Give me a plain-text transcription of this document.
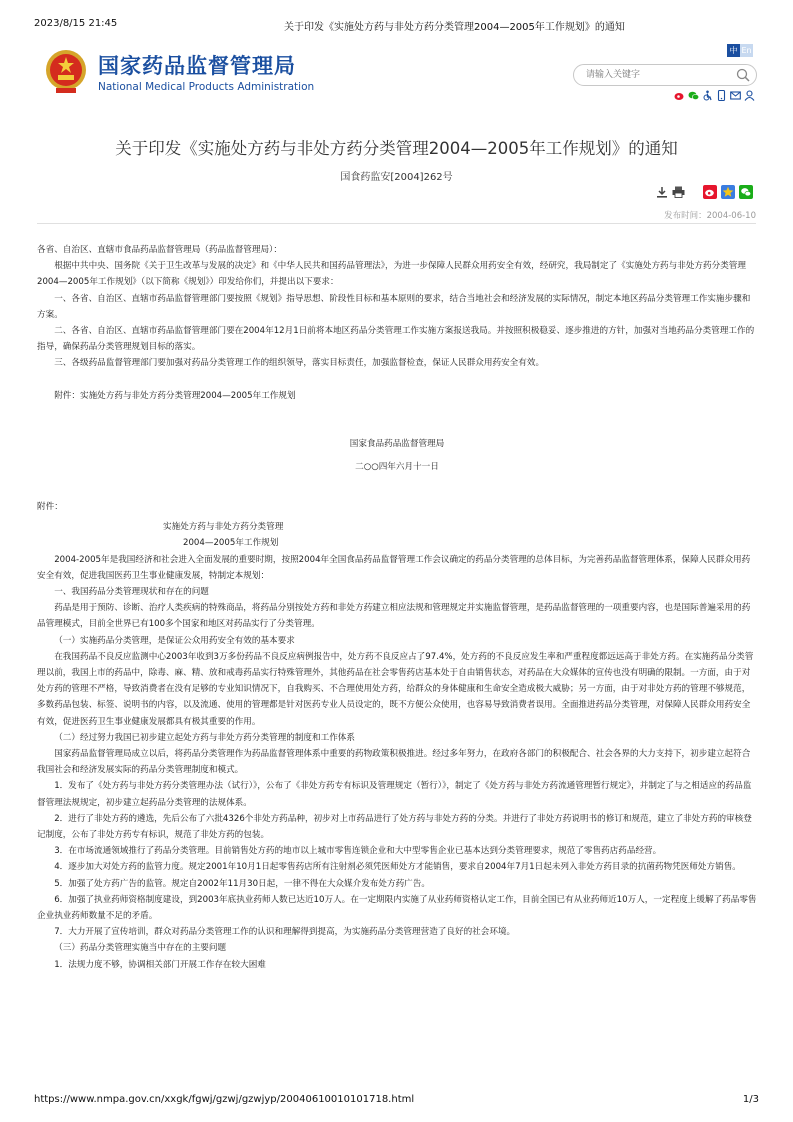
2023/8/15 21:45	关于印发《实施处方药与非处方药分类管理2004—2005年工作规划》的通知
国家药品监督管理局
National Medical Products Administration
中 En
请输入关键字
关于印发《实施处方药与非处方药分类管理2004—2005年工作规划》的通知
国食药监安[2004]262号
发布时间：2004-06-10

各省、自治区、直辖市食品药品监督管理局（药品监督管理局）：

根据中共中央、国务院《关于卫生改革与发展的决定》和《中华人民共和国药品管理法》，为进一步保障人民群众用药安全有效，经研究，我局制定了《实施处方药与非处方药分类管理2004—2005年工作规划》（以下简称《规划》）印发给你们，并提出以下要求：

一、各省、自治区、直辖市药品监督管理部门要按照《规划》指导思想、阶段性目标和基本原则的要求，结合当地社会和经济发展的实际情况，制定本地区药品分类管理工作实施步骤和方案。

二、各省、自治区、直辖市药品监督管理部门要在2004年12月1日前将本地区药品分类管理工作实施方案报送我局。并按照积极稳妥、逐步推进的方针，加强对当地药品分类管理工作的指导，确保药品分类管理规划目标的落实。

三、各级药品监督管理部门要加强对药品分类管理工作的组织领导，落实目标责任，加强监督检查，保证人民群众用药安全有效。

附件：实施处方药与非处方药分类管理2004—2005年工作规划

国家食品药品监督管理局

二○○四年六月十一日

附件：

实施处方药与非处方药分类管理

2004—2005年工作规划

2004-2005年是我国经济和社会进入全面发展的重要时期，按照2004年全国食品药品监督管理工作会议确定的药品分类管理的总体目标，为完善药品监督管理体系，保障人民群众用药安全有效，促进我国医药卫生事业健康发展，特制定本规划：

一、我国药品分类管理现状和存在的问题

药品是用于预防、诊断、治疗人类疾病的特殊商品，将药品分别按处方药和非处方药建立相应法规和管理规定并实施监督管理，是药品监督管理的一项重要内容，也是国际普遍采用的药品管理模式，目前全世界已有100多个国家和地区对药品实行了分类管理。

（一）实施药品分类管理，是保证公众用药安全有效的基本要求

在我国药品不良反应监测中心2003年收到3万多份药品不良反应病例报告中，处方药不良反应占了97.4%，处方药的不良反应发生率和严重程度都远远高于非处方药。在实施药品分类管理以前，我国上市的药品中，除毒、麻、精、放和戒毒药品实行特殊管理外，其他药品在社会零售药店基本处于自由销售状态，对药品在大众媒体的宣传也没有明确的限制。一方面，由于对处方药的管理不严格，导致消费者在没有足够的专业知识情况下，自我购买、不合理使用处方药，给群众的身体健康和生命安全造成极大威胁；另一方面，由于对非处方药的管理不够规范，多数药品包装、标签、说明书的内容，以及流通、使用的管理都是针对医药专业人员设定的，既不方便公众使用，也容易导致消费者误用。全面推进药品分类管理，对保障人民群众用药安全有效，促进医药卫生事业健康发展都具有极其重要的作用。

（二）经过努力我国已初步建立起处方药与非处方药分类管理的制度和工作体系

国家药品监督管理局成立以后，将药品分类管理作为药品监督管理体系中重要的药物政策积极推进。经过多年努力，在政府各部门的积极配合、社会各界的大力支持下，初步建立起符合我国社会和经济发展实际的药品分类管理制度和模式。

1．发布了《处方药与非处方药分类管理办法（试行）》，公布了《非处方药专有标识及管理规定（暂行）》，制定了《处方药与非处方药流通管理暂行规定》，并制定了与之相适应的药品监督管理法规规定，初步建立起药品分类管理的法规体系。

2．进行了非处方药的遴选，先后公布了六批4326个非处方药品种，初步对上市药品进行了处方药与非处方药的分类。并进行了非处方药说明书的修订和规范，建立了非处方药的审核登记制度，公布了非处方药专有标识，规范了非处方药的包装。

3．在市场流通领域推行了药品分类管理。目前销售处方药的地市以上城市零售连锁企业和大中型零售企业已基本达到分类管理要求，规范了零售药店药品经营。

4．逐步加大对处方药的监管力度。规定2001年10月1日起零售药店所有注射剂必须凭医师处方才能销售，要求自2004年7月1日起未列入非处方药目录的抗菌药物凭医师处方销售。

5．加强了处方药广告的监管。规定自2002年11月30日起，一律不得在大众媒介发布处方药广告。

6．加强了执业药师资格制度建设，到2003年底执业药师人数已达近10万人。在一定期限内实施了从业药师资格认定工作，目前全国已有从业药师近10万人，一定程度上缓解了药品零售企业执业药师数量不足的矛盾。

7．大力开展了宣传培训，群众对药品分类管理工作的认识和理解得到提高，为实施药品分类管理营造了良好的社会环境。

（三）药品分类管理实施当中存在的主要问题

1．法规力度不够，协调相关部门开展工作存在较大困难

https://www.nmpa.gov.cn/xxgk/fgwj/gzwj/gzwjyp/20040610010101718.html	1/3
